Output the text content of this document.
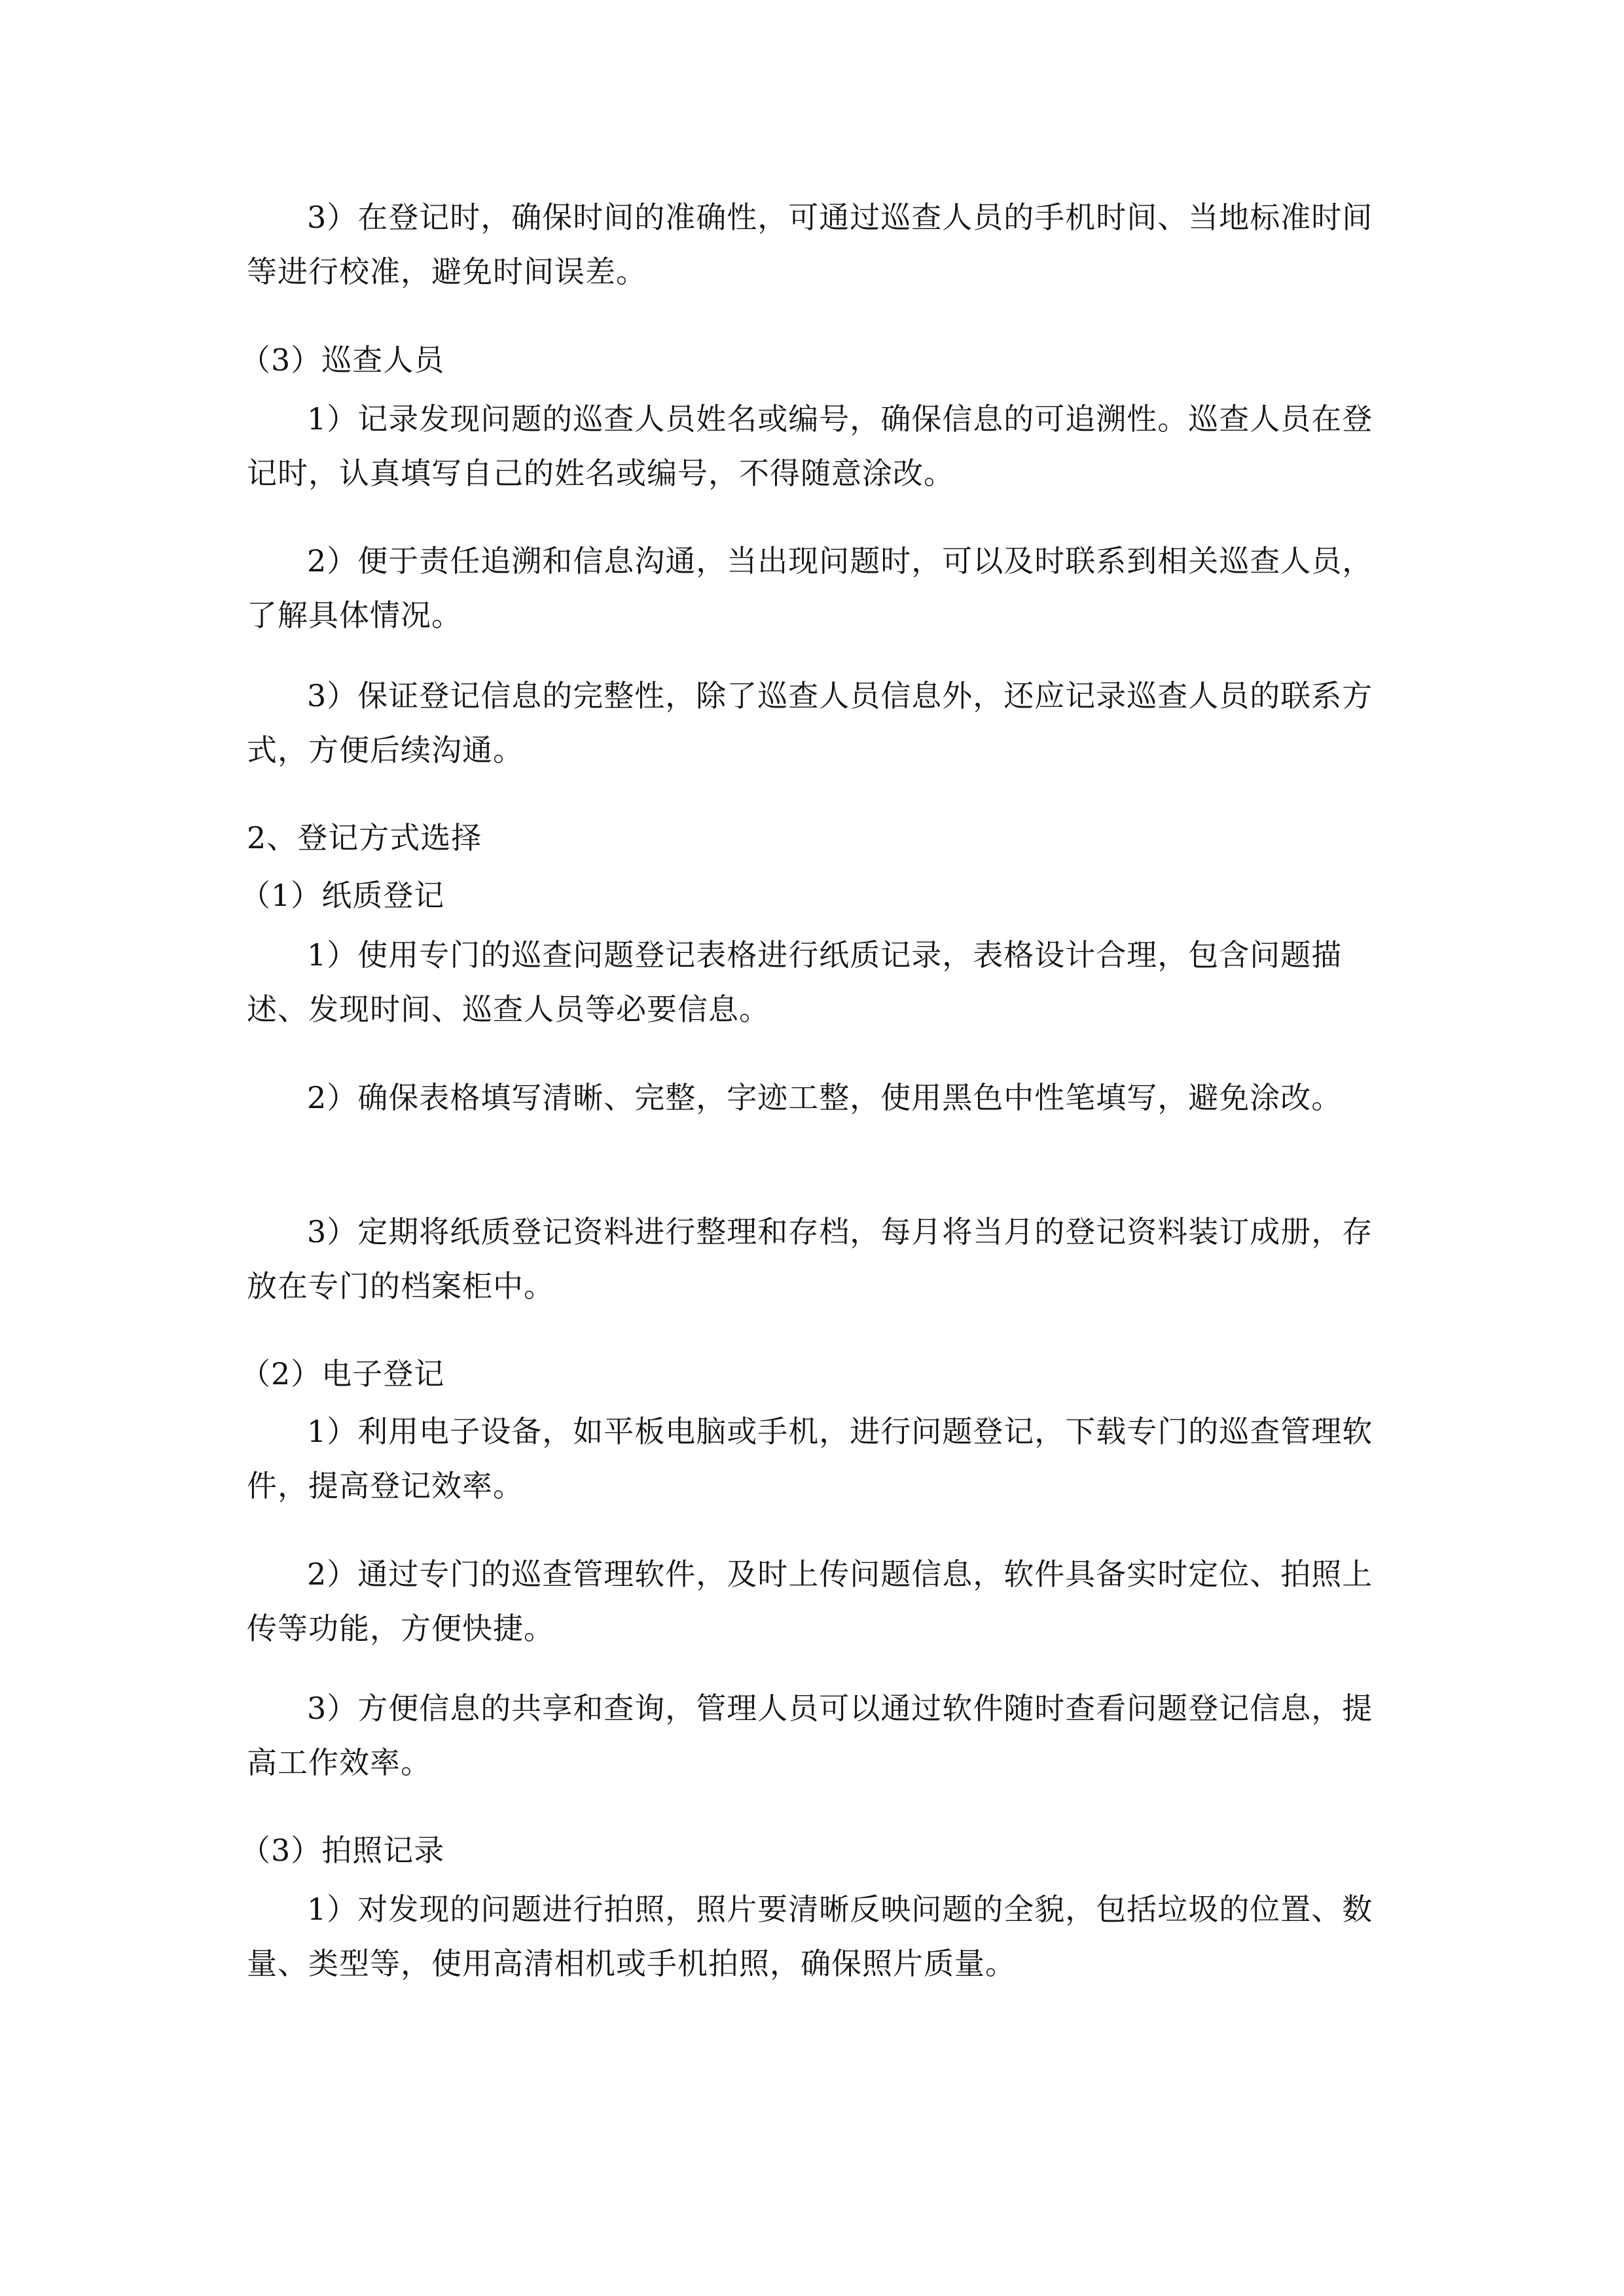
3）在登记时，确保时间的准确性，可通过巡查人员的手机时间、当地标准时间等进行校准，避免时间误差。

（3）巡查人员

1）记录发现问题的巡查人员姓名或编号，确保信息的可追溯性。巡查人员在登记时，认真填写自己的姓名或编号，不得随意涂改。

2）便于责任追溯和信息沟通，当出现问题时，可以及时联系到相关巡查人员，了解具体情况。

3）保证登记信息的完整性，除了巡查人员信息外，还应记录巡查人员的联系方式，方便后续沟通。

2、登记方式选择

（1）纸质登记

1）使用专门的巡查问题登记表格进行纸质记录，表格设计合理，包含问题描述、发现时间、巡查人员等必要信息。

2）确保表格填写清晰、完整，字迹工整，使用黑色中性笔填写，避免涂改。

3）定期将纸质登记资料进行整理和存档，每月将当月的登记资料装订成册，存放在专门的档案柜中。

（2）电子登记

1）利用电子设备，如平板电脑或手机，进行问题登记，下载专门的巡查管理软件，提高登记效率。

2）通过专门的巡查管理软件，及时上传问题信息，软件具备实时定位、拍照上传等功能，方便快捷。

3）方便信息的共享和查询，管理人员可以通过软件随时查看问题登记信息，提高工作效率。

（3）拍照记录

1）对发现的问题进行拍照，照片要清晰反映问题的全貌，包括垃圾的位置、数量、类型等，使用高清相机或手机拍照，确保照片质量。
